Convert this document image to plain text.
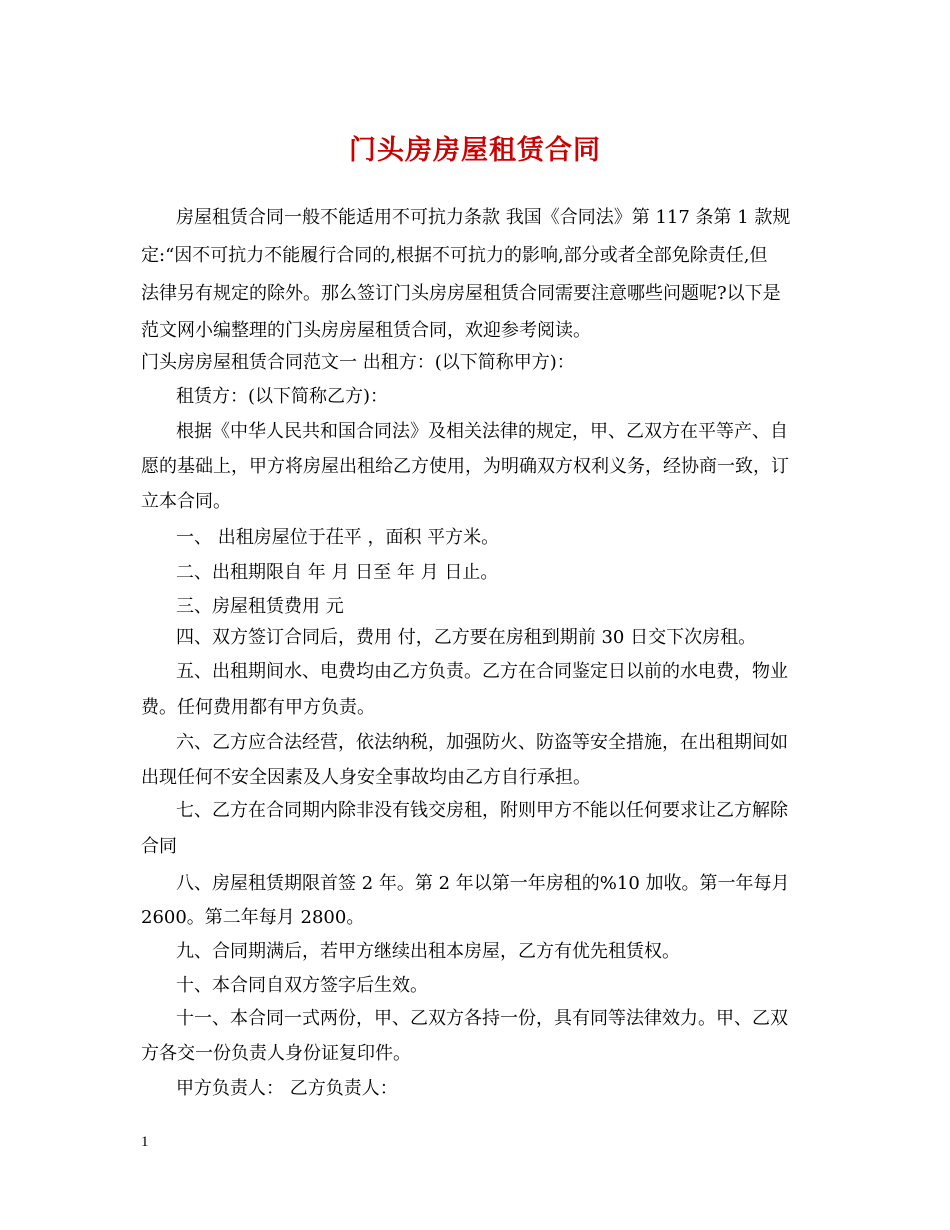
门头房房屋租赁合同
房屋租赁合同一般不能适用不可抗力条款 我国《合同法》第 117 条第 1 款规
定:“因不可抗力不能履行合同的,根据不可抗力的影响,部分或者全部免除责任,但
法律另有规定的除外。那么签订门头房房屋租赁合同需要注意哪些问题呢?以下是
范文网小编整理的门头房房屋租赁合同，欢迎参考阅读。
门头房房屋租赁合同范文一 出租方：(以下简称甲方)：
租赁方：(以下简称乙方)：
根据《中华人民共和国合同法》及相关法律的规定，甲、乙双方在平等产、自
愿的基础上，甲方将房屋出租给乙方使用，为明确双方权利义务，经协商一致，订
立本合同。
一、 出租房屋位于茌平 ，面积 平方米。
二、出租期限自 年 月 日至 年 月 日止。
三、房屋租赁费用 元
四、双方签订合同后，费用 付，乙方要在房租到期前 30 日交下次房租。
五、出租期间水、电费均由乙方负责。乙方在合同鉴定日以前的水电费，物业
费。任何费用都有甲方负责。
六、乙方应合法经营，依法纳税，加强防火、防盗等安全措施，在出租期间如
出现任何不安全因素及人身安全事故均由乙方自行承担。
七、乙方在合同期内除非没有钱交房租，附则甲方不能以任何要求让乙方解除
合同
八、房屋租赁期限首签 2 年。第 2 年以第一年房租的%10 加收。第一年每月
2600。第二年每月 2800。
九、合同期满后，若甲方继续出租本房屋，乙方有优先租赁权。
十、本合同自双方签字后生效。
十一、本合同一式两份，甲、乙双方各持一份，具有同等法律效力。甲、乙双
方各交一份负责人身份证复印件。
甲方负责人： 乙方负责人：
1
